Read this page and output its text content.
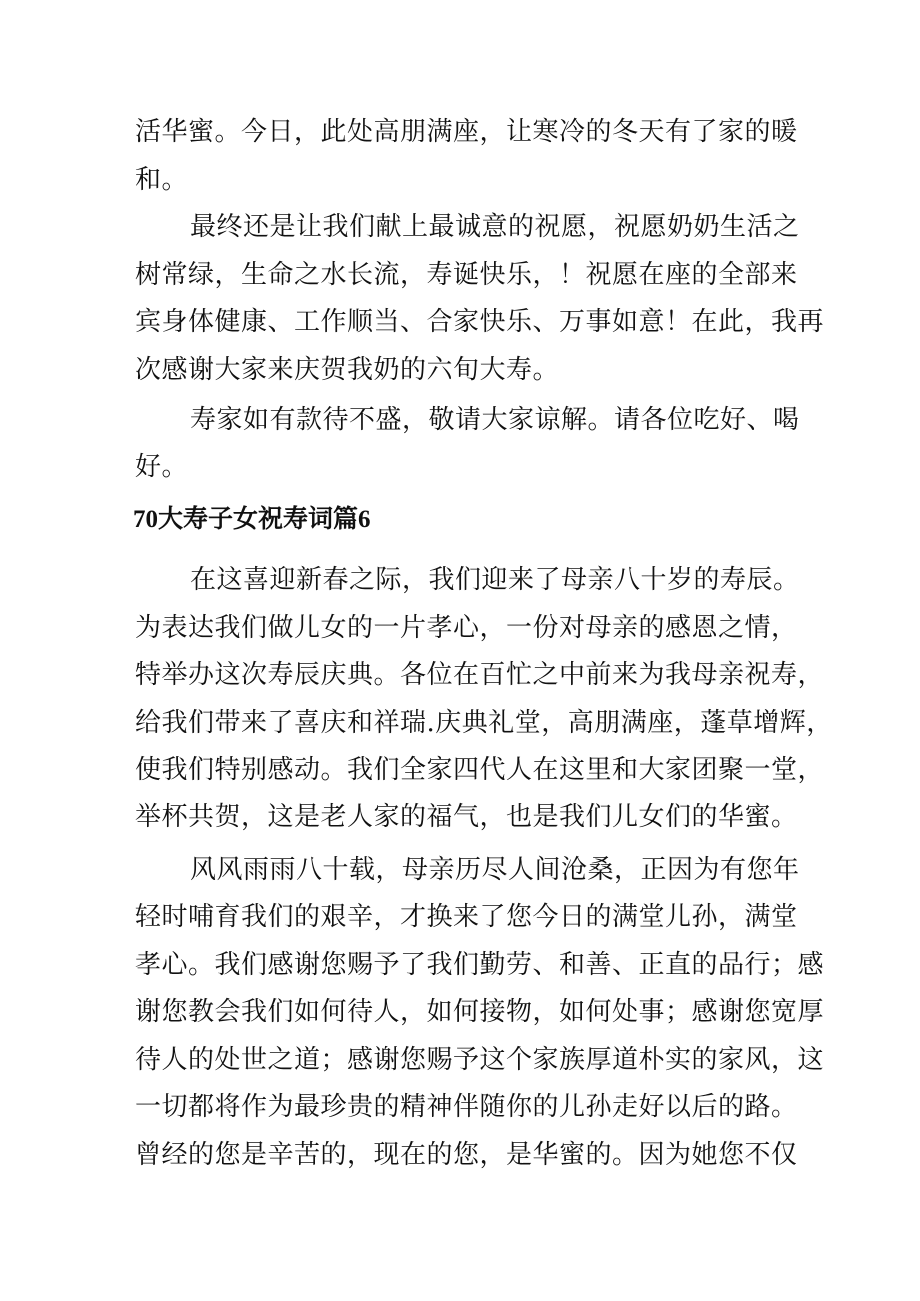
活华蜜。今日，此处高朋满座，让寒冷的冬天有了家的暖
和。
最终还是让我们献上最诚意的祝愿，祝愿奶奶生活之
树常绿，生命之水长流，寿诞快乐，！祝愿在座的全部来
宾身体健康、工作顺当、合家快乐、万事如意！在此，我再
次感谢大家来庆贺我奶的六旬大寿。
寿家如有款待不盛，敬请大家谅解。请各位吃好、喝
好。
70大寿子女祝寿词篇6
在这喜迎新春之际，我们迎来了母亲八十岁的寿辰。
为表达我们做儿女的一片孝心，一份对母亲的感恩之情，
特举办这次寿辰庆典。各位在百忙之中前来为我母亲祝寿，
给我们带来了喜庆和祥瑞.庆典礼堂，高朋满座，蓬草增辉，
使我们特别感动。我们全家四代人在这里和大家团聚一堂，
举杯共贺，这是老人家的福气，也是我们儿女们的华蜜。
风风雨雨八十载，母亲历尽人间沧桑，正因为有您年
轻时哺育我们的艰辛，才换来了您今日的满堂儿孙，满堂
孝心。我们感谢您赐予了我们勤劳、和善、正直的品行；感
谢您教会我们如何待人，如何接物，如何处事；感谢您宽厚
待人的处世之道；感谢您赐予这个家族厚道朴实的家风，这
一切都将作为最珍贵的精神伴随你的儿孙走好以后的路。
曾经的您是辛苦的，现在的您，是华蜜的。因为她您不仅
